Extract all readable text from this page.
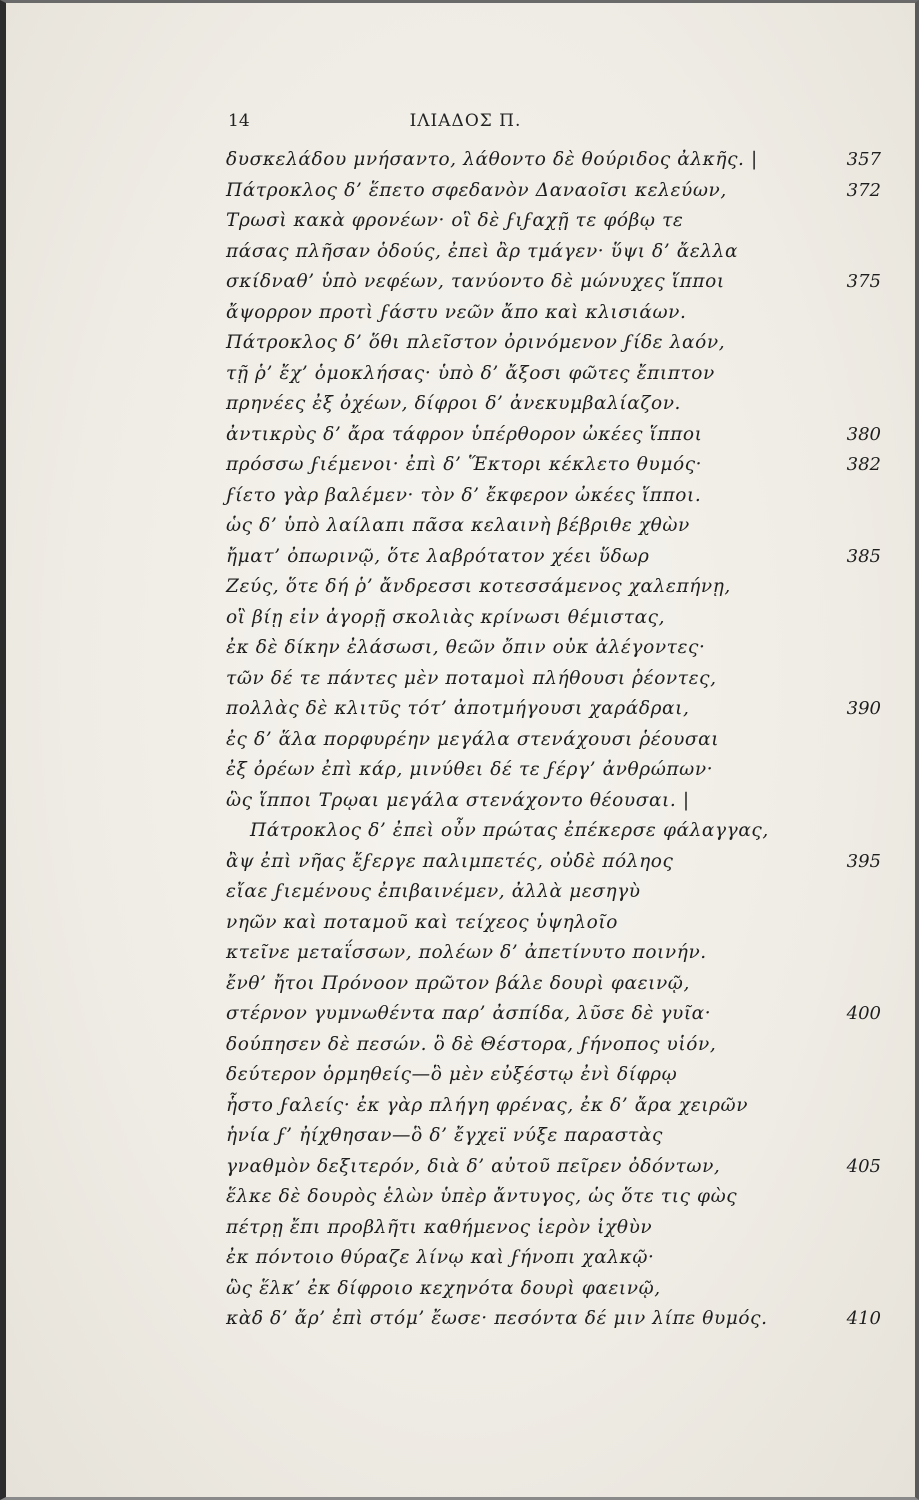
14	ΙΛΙΑΔΟΣ Π.
δυσκελάδου μνήσαντο, λάθοντο δὲ θούριδος ἀλκῆς. |	357
Πάτροκλος δ’ ἕπετο σφεδανὸν Δαναοῖσι κελεύων,	372
Τρωσὶ κακὰ φρονέων· οἳ δὲ ϝιϝαχῇ τε φόβῳ τε
πάσας πλῆσαν ὁδούς, ἐπεὶ ἂρ τμάγεν· ὕψι δ’ ἄελλα
σκίδναθ’ ὑπὸ νεφέων, τανύοντο δὲ μώνυχες ἵπποι	375
ἄψορρον προτὶ ϝάστυ νεῶν ἄπο καὶ κλισιάων.
Πάτροκλος δ’ ὅθι πλεῖστον ὀρινόμενον ϝίδε λαόν,
τῇ ῥ’ ἔχ’ ὁμοκλήσας· ὑπὸ δ’ ἄξοσι φῶτες ἔπιπτον
πρηνέες ἐξ ὀχέων, δίφροι δ’ ἀνεκυμβαλίαζον.
ἀντικρὺς δ’ ἄρα τάφρον ὑπέρθορον ὠκέες ἵπποι	380
πρόσσω ϝιέμενοι· ἐπὶ δ’ Ἕκτορι κέκλετο θυμός·	382
ϝίετο γὰρ βαλέμεν· τὸν δ’ ἔκφερον ὠκέες ἵπποι.
ὡς δ’ ὑπὸ λαίλαπι πᾶσα κελαινὴ βέβριθε χθὼν
ἤματ’ ὀπωρινῷ, ὅτε λαβρότατον χέει ὕδωρ	385
Ζεύς, ὅτε δή ῥ’ ἄνδρεσσι κοτεσσάμενος χαλεπήνῃ,
οἳ βίῃ εἰν ἀγορῇ σκολιὰς κρίνωσι θέμιστας,
ἐκ δὲ δίκην ἐλάσωσι, θεῶν ὄπιν οὐκ ἀλέγοντες·
τῶν δέ τε πάντες μὲν ποταμοὶ πλήθουσι ῥέοντες,
πολλὰς δὲ κλιτῦς τότ’ ἀποτμήγουσι χαράδραι,	390
ἐς δ’ ἅλα πορφυρέην μεγάλα στενάχουσι ῥέουσαι
ἐξ ὀρέων ἐπὶ κάρ, μινύθει δέ τε ϝέργ’ ἀνθρώπων·
ὣς ἵπποι Τρῳαι μεγάλα στενάχοντο θέουσαι. |
Πάτροκλος δ’ ἐπεὶ οὖν πρώτας ἐπέκερσε φάλαγγας,
ἂψ ἐπὶ νῆας ἔϝεργε παλιμπετές, οὐδὲ πόληος	395
εἴαε ϝιεμένους ἐπιβαινέμεν, ἀλλὰ μεσηγὺ
νηῶν καὶ ποταμοῦ καὶ τείχεος ὑψηλοῖο
κτεῖνε μεταΐσσων, πολέων δ’ ἀπετίνυτο ποινήν.
ἔνθ’ ἤτοι Πρόνοον πρῶτον βάλε δουρὶ φαεινῷ,
στέρνον γυμνωθέντα παρ’ ἀσπίδα, λῦσε δὲ γυῖα·	400
δούπησεν δὲ πεσών. ὃ δὲ Θέστορα, ϝήνοπος υἱόν,
δεύτερον ὁρμηθείς—ὃ μὲν εὐξέστῳ ἐνὶ δίφρῳ
ἧστο ϝαλείς· ἐκ γὰρ πλήγη φρένας, ἐκ δ’ ἄρα χειρῶν
ἡνία ϝ’ ἠίχθησαν—ὃ δ’ ἔγχεϊ νύξε παραστὰς
γναθμὸν δεξιτερόν, διὰ δ’ αὐτοῦ πεῖρεν ὀδόντων,	405
ἕλκε δὲ δουρὸς ἑλὼν ὑπὲρ ἄντυγος, ὡς ὅτε τις φὼς
πέτρῃ ἔπι προβλῆτι καθήμενος ἱερὸν ἰχθὺν
ἐκ πόντοιο θύραζε λίνῳ καὶ ϝήνοπι χαλκῷ·
ὣς ἕλκ’ ἐκ δίφροιο κεχηνότα δουρὶ φαεινῷ,
κὰδ δ’ ἄρ’ ἐπὶ στόμ’ ἔωσε· πεσόντα δέ μιν λίπε θυμός.	410
